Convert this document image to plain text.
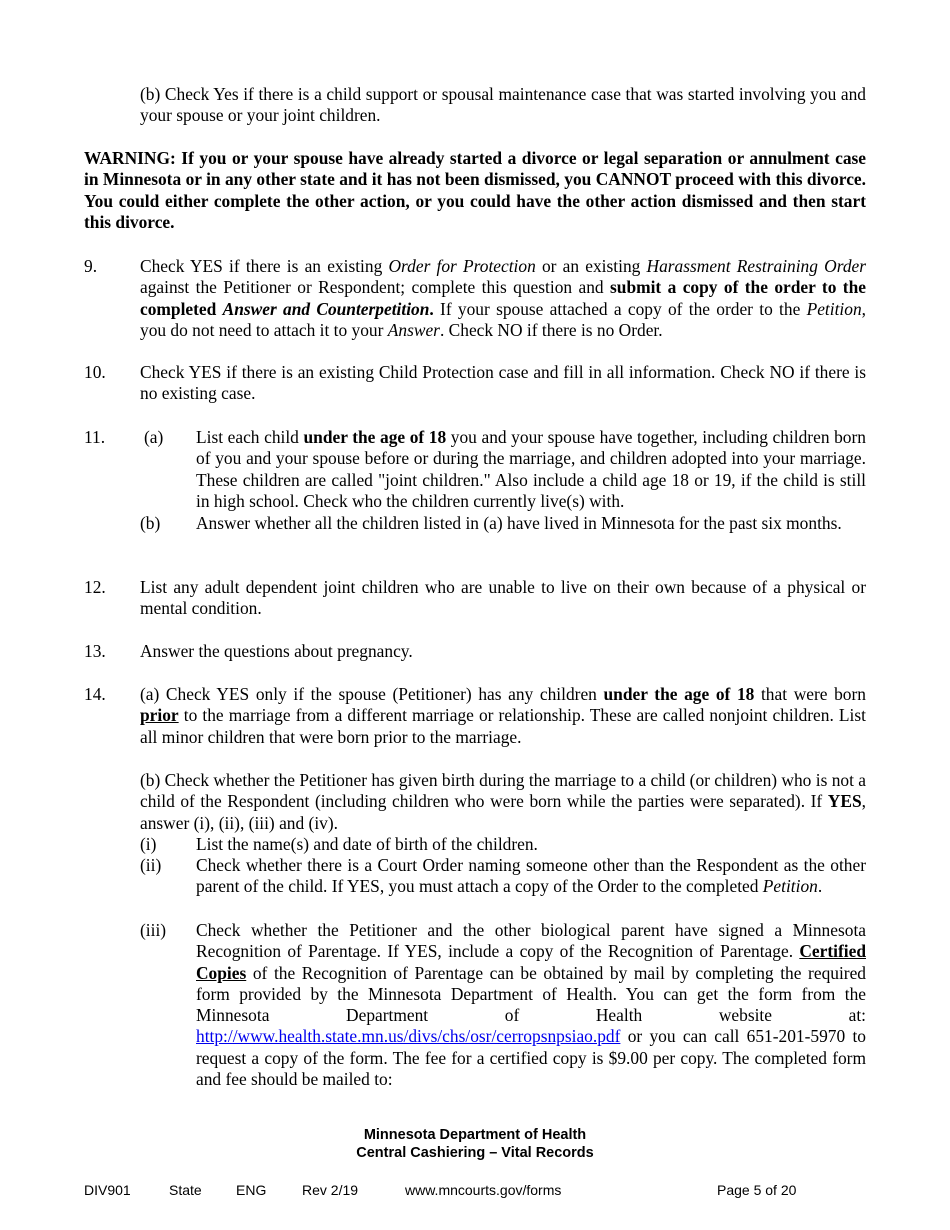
(b) Check Yes if there is a child support or spousal maintenance case that was started involving you and your spouse or your joint children.
WARNING: If you or your spouse have already started a divorce or legal separation or annulment case in Minnesota or in any other state and it has not been dismissed, you CANNOT proceed with this divorce. You could either complete the other action, or you could have the other action dismissed and then start this divorce.
9. Check YES if there is an existing Order for Protection or an existing Harassment Restraining Order against the Petitioner or Respondent; complete this question and submit a copy of the order to the completed Answer and Counterpetition. If your spouse attached a copy of the order to the Petition, you do not need to attach it to your Answer. Check NO if there is no Order.
10. Check YES if there is an existing Child Protection case and fill in all information. Check NO if there is no existing case.
11. (a) List each child under the age of 18 you and your spouse have together, including children born of you and your spouse before or during the marriage, and children adopted into your marriage. These children are called "joint children." Also include a child age 18 or 19, if the child is still in high school. Check who the children currently live(s) with.
(b) Answer whether all the children listed in (a) have lived in Minnesota for the past six months.
12. List any adult dependent joint children who are unable to live on their own because of a physical or mental condition.
13. Answer the questions about pregnancy.
14. (a) Check YES only if the spouse (Petitioner) has any children under the age of 18 that were born prior to the marriage from a different marriage or relationship. These are called nonjoint children. List all minor children that were born prior to the marriage.
(b) Check whether the Petitioner has given birth during the marriage to a child (or children) who is not a child of the Respondent (including children who were born while the parties were separated). If YES, answer (i), (ii), (iii) and (iv).
(i) List the name(s) and date of birth of the children.
(ii) Check whether there is a Court Order naming someone other than the Respondent as the other parent of the child. If YES, you must attach a copy of the Order to the completed Petition.
(iii) Check whether the Petitioner and the other biological parent have signed a Minnesota Recognition of Parentage. If YES, include a copy of the Recognition of Parentage. Certified Copies of the Recognition of Parentage can be obtained by mail by completing the required form provided by the Minnesota Department of Health. You can get the form from the Minnesota Department of Health website at: http://www.health.state.mn.us/divs/chs/osr/cerropsnpsiao.pdf or you can call 651-201-5970 to request a copy of the form. The fee for a certified copy is $9.00 per copy. The completed form and fee should be mailed to:
Minnesota Department of Health
Central Cashiering – Vital Records
DIV901	State ENG	Rev 2/19	www.mncourts.gov/forms	Page 5 of 20
